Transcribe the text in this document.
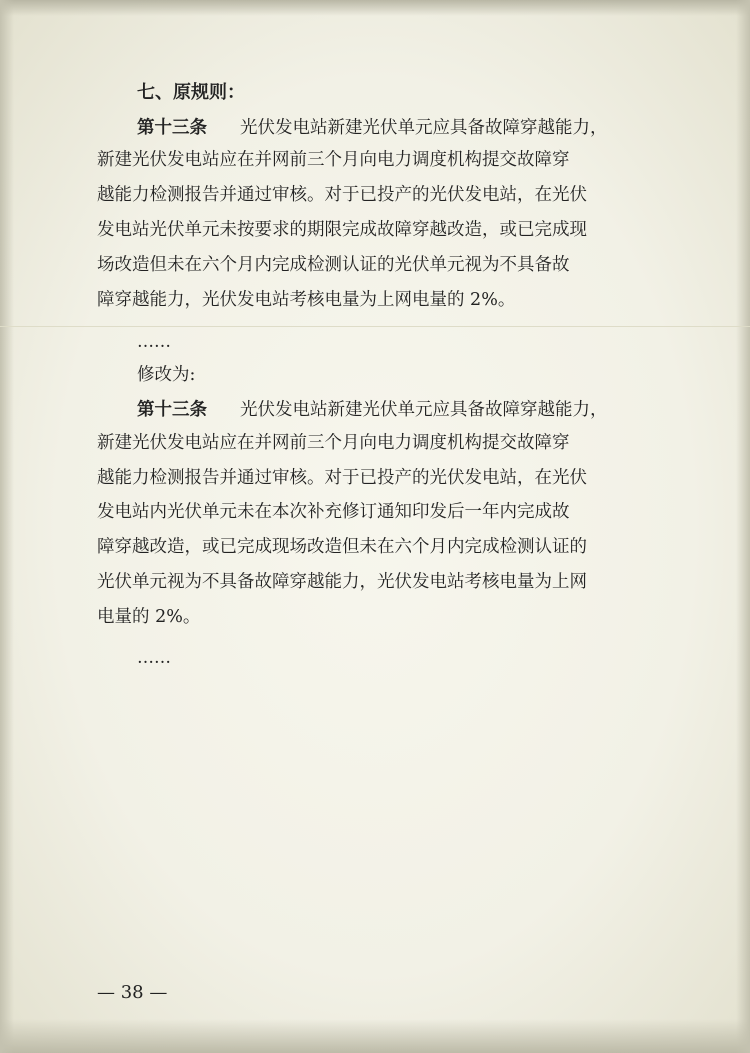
七、原规则：
第十三条 光伏发电站新建光伏单元应具备故障穿越能力，
新建光伏发电站应在并网前三个月向电力调度机构提交故障穿
越能力检测报告并通过审核。对于已投产的光伏发电站，在光伏
发电站光伏单元未按要求的期限完成故障穿越改造，或已完成现
场改造但未在六个月内完成检测认证的光伏单元视为不具备故
障穿越能力，光伏发电站考核电量为上网电量的 2%。
……
修改为:
第十三条 光伏发电站新建光伏单元应具备故障穿越能力，
新建光伏发电站应在并网前三个月向电力调度机构提交故障穿
越能力检测报告并通过审核。对于已投产的光伏发电站，在光伏
发电站内光伏单元未在本次补充修订通知印发后一年内完成故
障穿越改造，或已完成现场改造但未在六个月内完成检测认证的
光伏单元视为不具备故障穿越能力，光伏发电站考核电量为上网
电量的 2%。
……
— 38 —
